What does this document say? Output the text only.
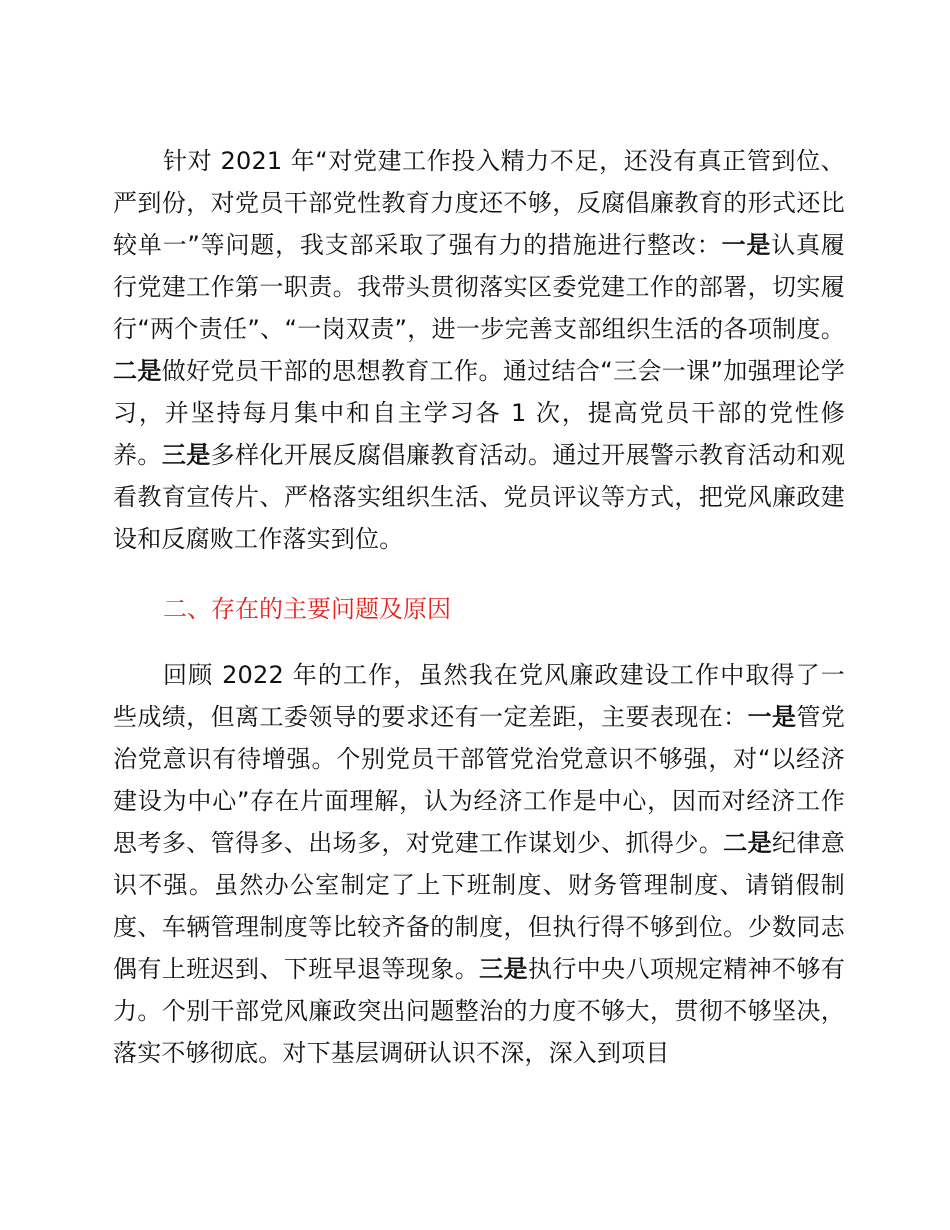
针对 2021 年“对党建工作投入精力不足，还没有真正管到位、严到份，对党员干部党性教育力度还不够，反腐倡廉教育的形式还比较单一”等问题，我支部采取了强有力的措施进行整改：一是认真履行党建工作第一职责。我带头贯彻落实区委党建工作的部署，切实履行“两个责任”、“一岗双责”，进一步完善支部组织生活的各项制度。二是做好党员干部的思想教育工作。通过结合“三会一课”加强理论学习，并坚持每月集中和自主学习各 1 次，提高党员干部的党性修养。三是多样化开展反腐倡廉教育活动。通过开展警示教育活动和观看教育宣传片、严格落实组织生活、党员评议等方式，把党风廉政建设和反腐败工作落实到位。

二、存在的主要问题及原因

回顾 2022 年的工作，虽然我在党风廉政建设工作中取得了一些成绩，但离工委领导的要求还有一定差距，主要表现在：一是管党治党意识有待增强。个别党员干部管党治党意识不够强，对“以经济建设为中心”存在片面理解，认为经济工作是中心，因而对经济工作思考多、管得多、出场多，对党建工作谋划少、抓得少。二是纪律意识不强。虽然办公室制定了上下班制度、财务管理制度、请销假制度、车辆管理制度等比较齐备的制度，但执行得不够到位。少数同志偶有上班迟到、下班早退等现象。三是执行中央八项规定精神不够有力。个别干部党风廉政突出问题整治的力度不够大，贯彻不够坚决，落实不够彻底。对下基层调研认识不深，深入到项目
